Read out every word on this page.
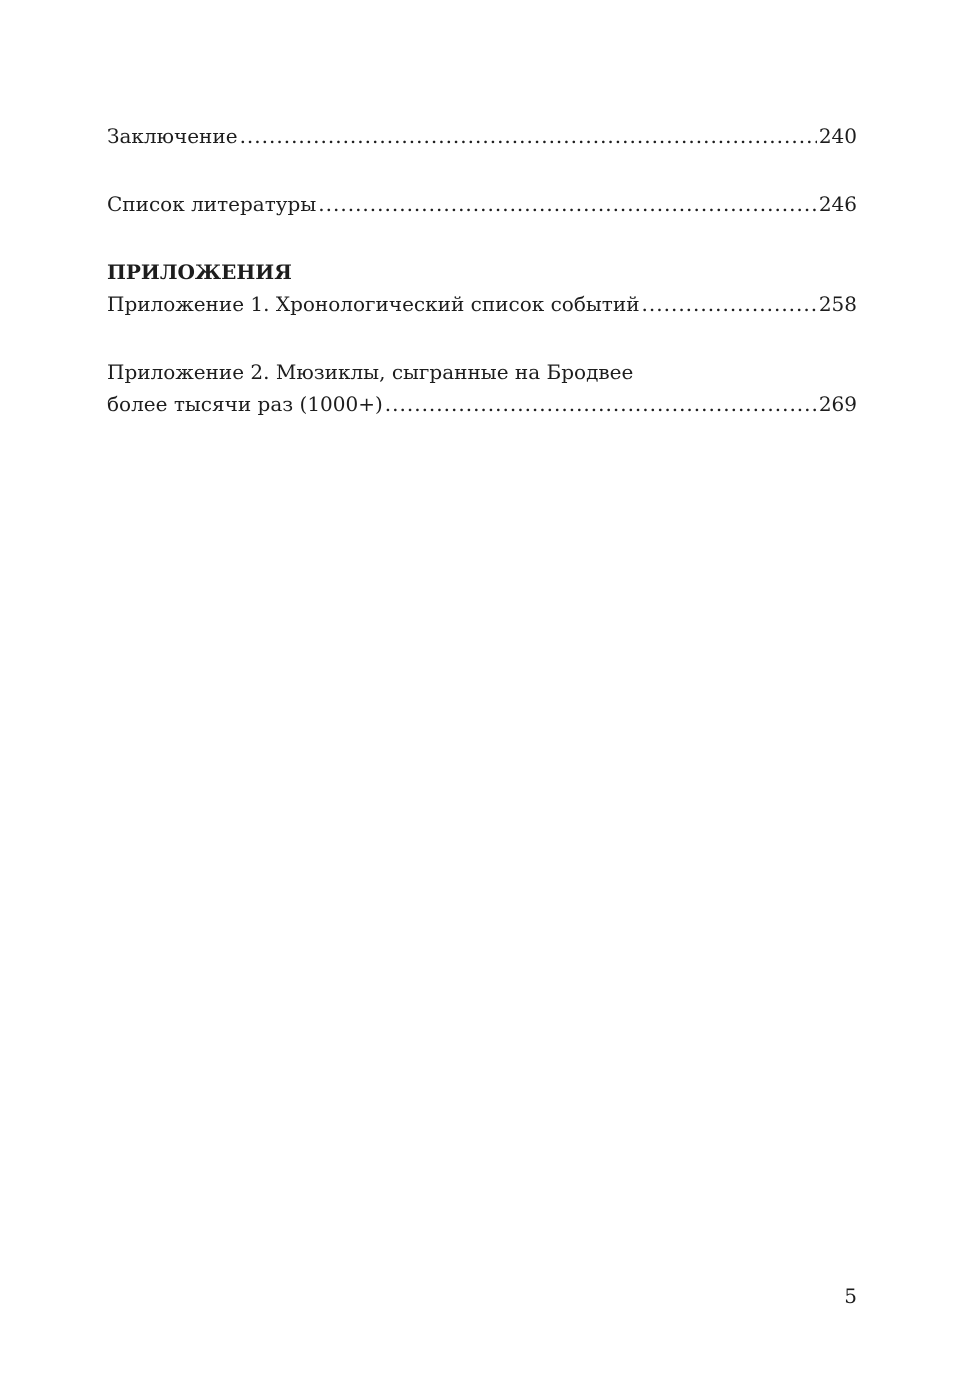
Заключение .....	240
Список литературы .....	246
ПРИЛОЖЕНИЯ
Приложение 1. Хронологический список событий .....	258
Приложение 2. Мюзиклы, сыгранные на Бродвее
более тысячи раз (1000+) .....	269
5
